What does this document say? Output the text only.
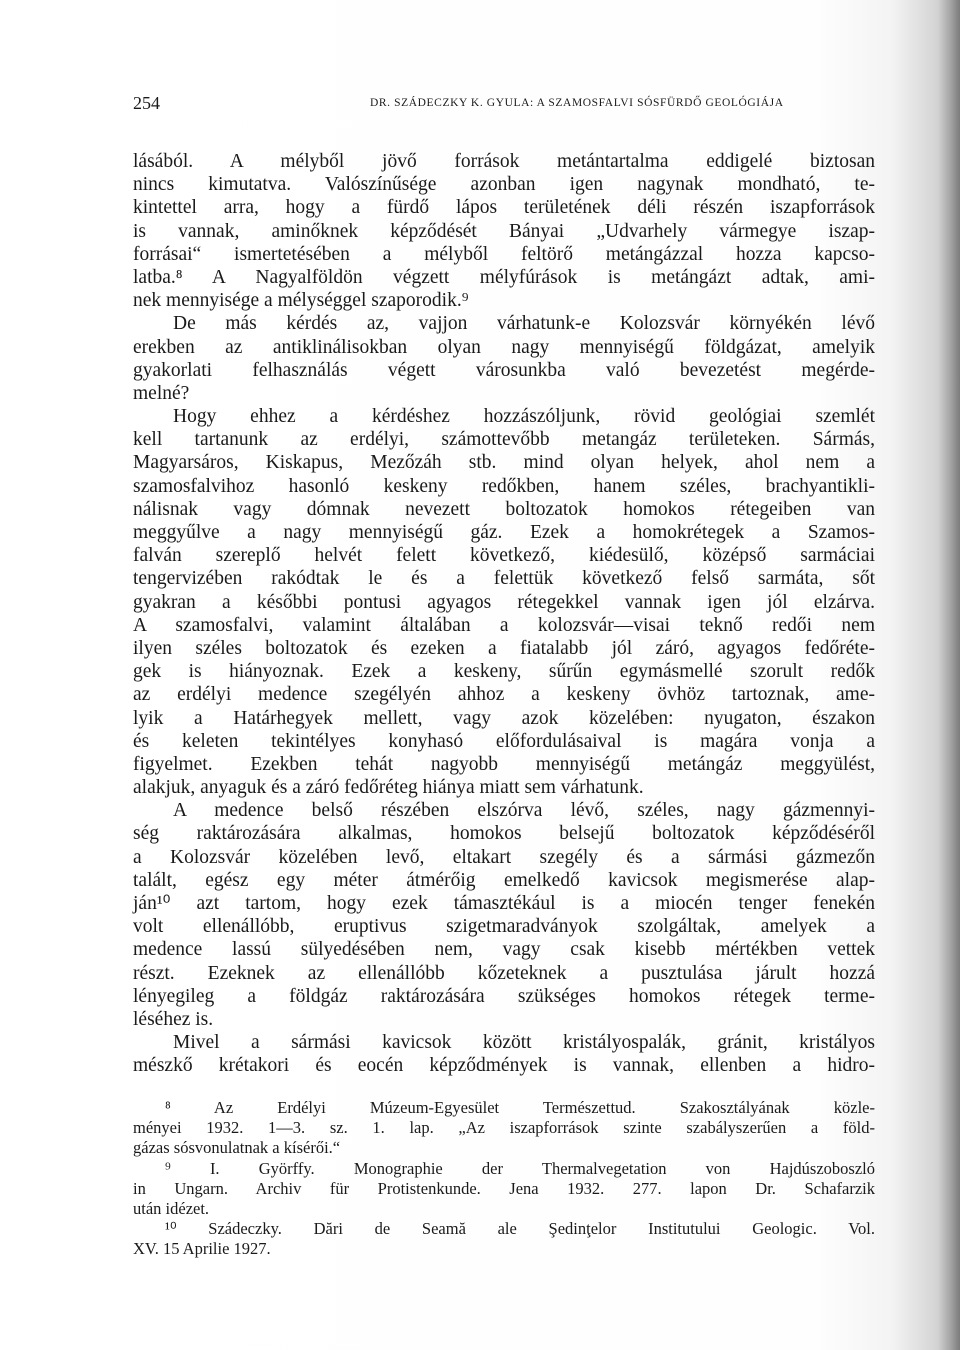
254	DR. SZÁDECZKY K. GYULA: A SZAMOSFALVI SÓSFÜRDŐ GEOLÓGIÁJA
lásából. A mélyből jövő források metántartalma eddigelé biztosan
nincs kimutatva. Valószínűsége azonban igen nagynak mondható, te-
kintettel arra, hogy a fürdő lápos területének déli részén iszapforrások
is vannak, aminőknek képződését Bányai „Udvarhely vármegye iszap-
forrásai“ ismertetésében a mélyből feltörő metángázzal hozza kapcso-
latba.⁸ A Nagyalföldön végzett mélyfúrások is metángázt adtak, ami-
nek mennyisége a mélységgel szaporodik.⁹
De más kérdés az, vajjon várhatunk-e Kolozsvár környékén lévő
erekben az antiklinálisokban olyan nagy mennyiségű földgázat, amelyik
gyakorlati felhasználás végett városunkba való bevezetést megérde-
melné?
Hogy ehhez a kérdéshez hozzászóljunk, rövid geológiai szemlét
kell tartanunk az erdélyi, számottevőbb metangáz területeken. Sármás,
Magyarsáros, Kiskapus, Mezőzáh stb. mind olyan helyek, ahol nem a
szamosfalvihoz hasonló keskeny redőkben, hanem széles, brachyantikli-
nálisnak vagy dómnak nevezett boltozatok homokos rétegeiben van
meggyűlve a nagy mennyiségű gáz. Ezek a homokrétegek a Szamos-
falván szereplő helvét felett következő, kiédesülő, középső sarmáciai
tengervizében rakódtak le és a felettük következő felső sarmáta, sőt
gyakran a későbbi pontusi agyagos rétegekkel vannak igen jól elzárva.
A szamosfalvi, valamint általában a kolozsvár—visai teknő redői nem
ilyen széles boltozatok és ezeken a fiatalabb jól záró, agyagos fedőréte-
gek is hiányoznak. Ezek a keskeny, sűrűn egymásmellé szorult redők
az erdélyi medence szegélyén ahhoz a keskeny övhöz tartoznak, ame-
lyik a Határhegyek mellett, vagy azok közelében: nyugaton, északon
és keleten tekintélyes konyhasó előfordulásaival is magára vonja a
figyelmet. Ezekben tehát nagyobb mennyiségű metángáz meggyülést,
alakjuk, anyaguk és a záró fedőréteg hiánya miatt sem várhatunk.
A medence belső részében elszórva lévő, széles, nagy gázmennyi-
ség raktározására alkalmas, homokos belsejű boltozatok képződéséről
a Kolozsvár közelében levő, eltakart szegély és a sármási gázmezőn
talált, egész egy méter átmérőig emelkedő kavicsok megismerése alap-
ján¹⁰ azt tartom, hogy ezek támasztékául is a miocén tenger fenekén
volt ellenállóbb, eruptivus szigetmaradványok szolgáltak, amelyek a
medence lassú sülyedésében nem, vagy csak kisebb mértékben vettek
részt. Ezeknek az ellenállóbb kőzeteknek a pusztulása járult hozzá
lényegileg a földgáz raktározására szükséges homokos rétegek terme-
léséhez is.
Mivel a sármási kavicsok között kristályospalák, gránit, kristályos
mészkő krétakori és eocén képződmények is vannak, ellenben a hidro-
⁸ Az Erdélyi Múzeum-Egyesület Természettud. Szakosztályának közle-
ményei 1932. 1—3. sz. 1. lap. „Az iszapforrások szinte szabályszerűen a föld-
gázas sósvonulatnak a kísérői.“
⁹ I. Györffy. Monographie der Thermalvegetation von Hajdúszoboszló
in Ungarn. Archiv für Protistenkunde. Jena 1932. 277. lapon Dr. Schafarzik
után idézet.
¹⁰ Szádeczky. Dări de Seamă ale Şedinţelor Institutului Geologic. Vol.
XV. 15 Aprilie 1927.
